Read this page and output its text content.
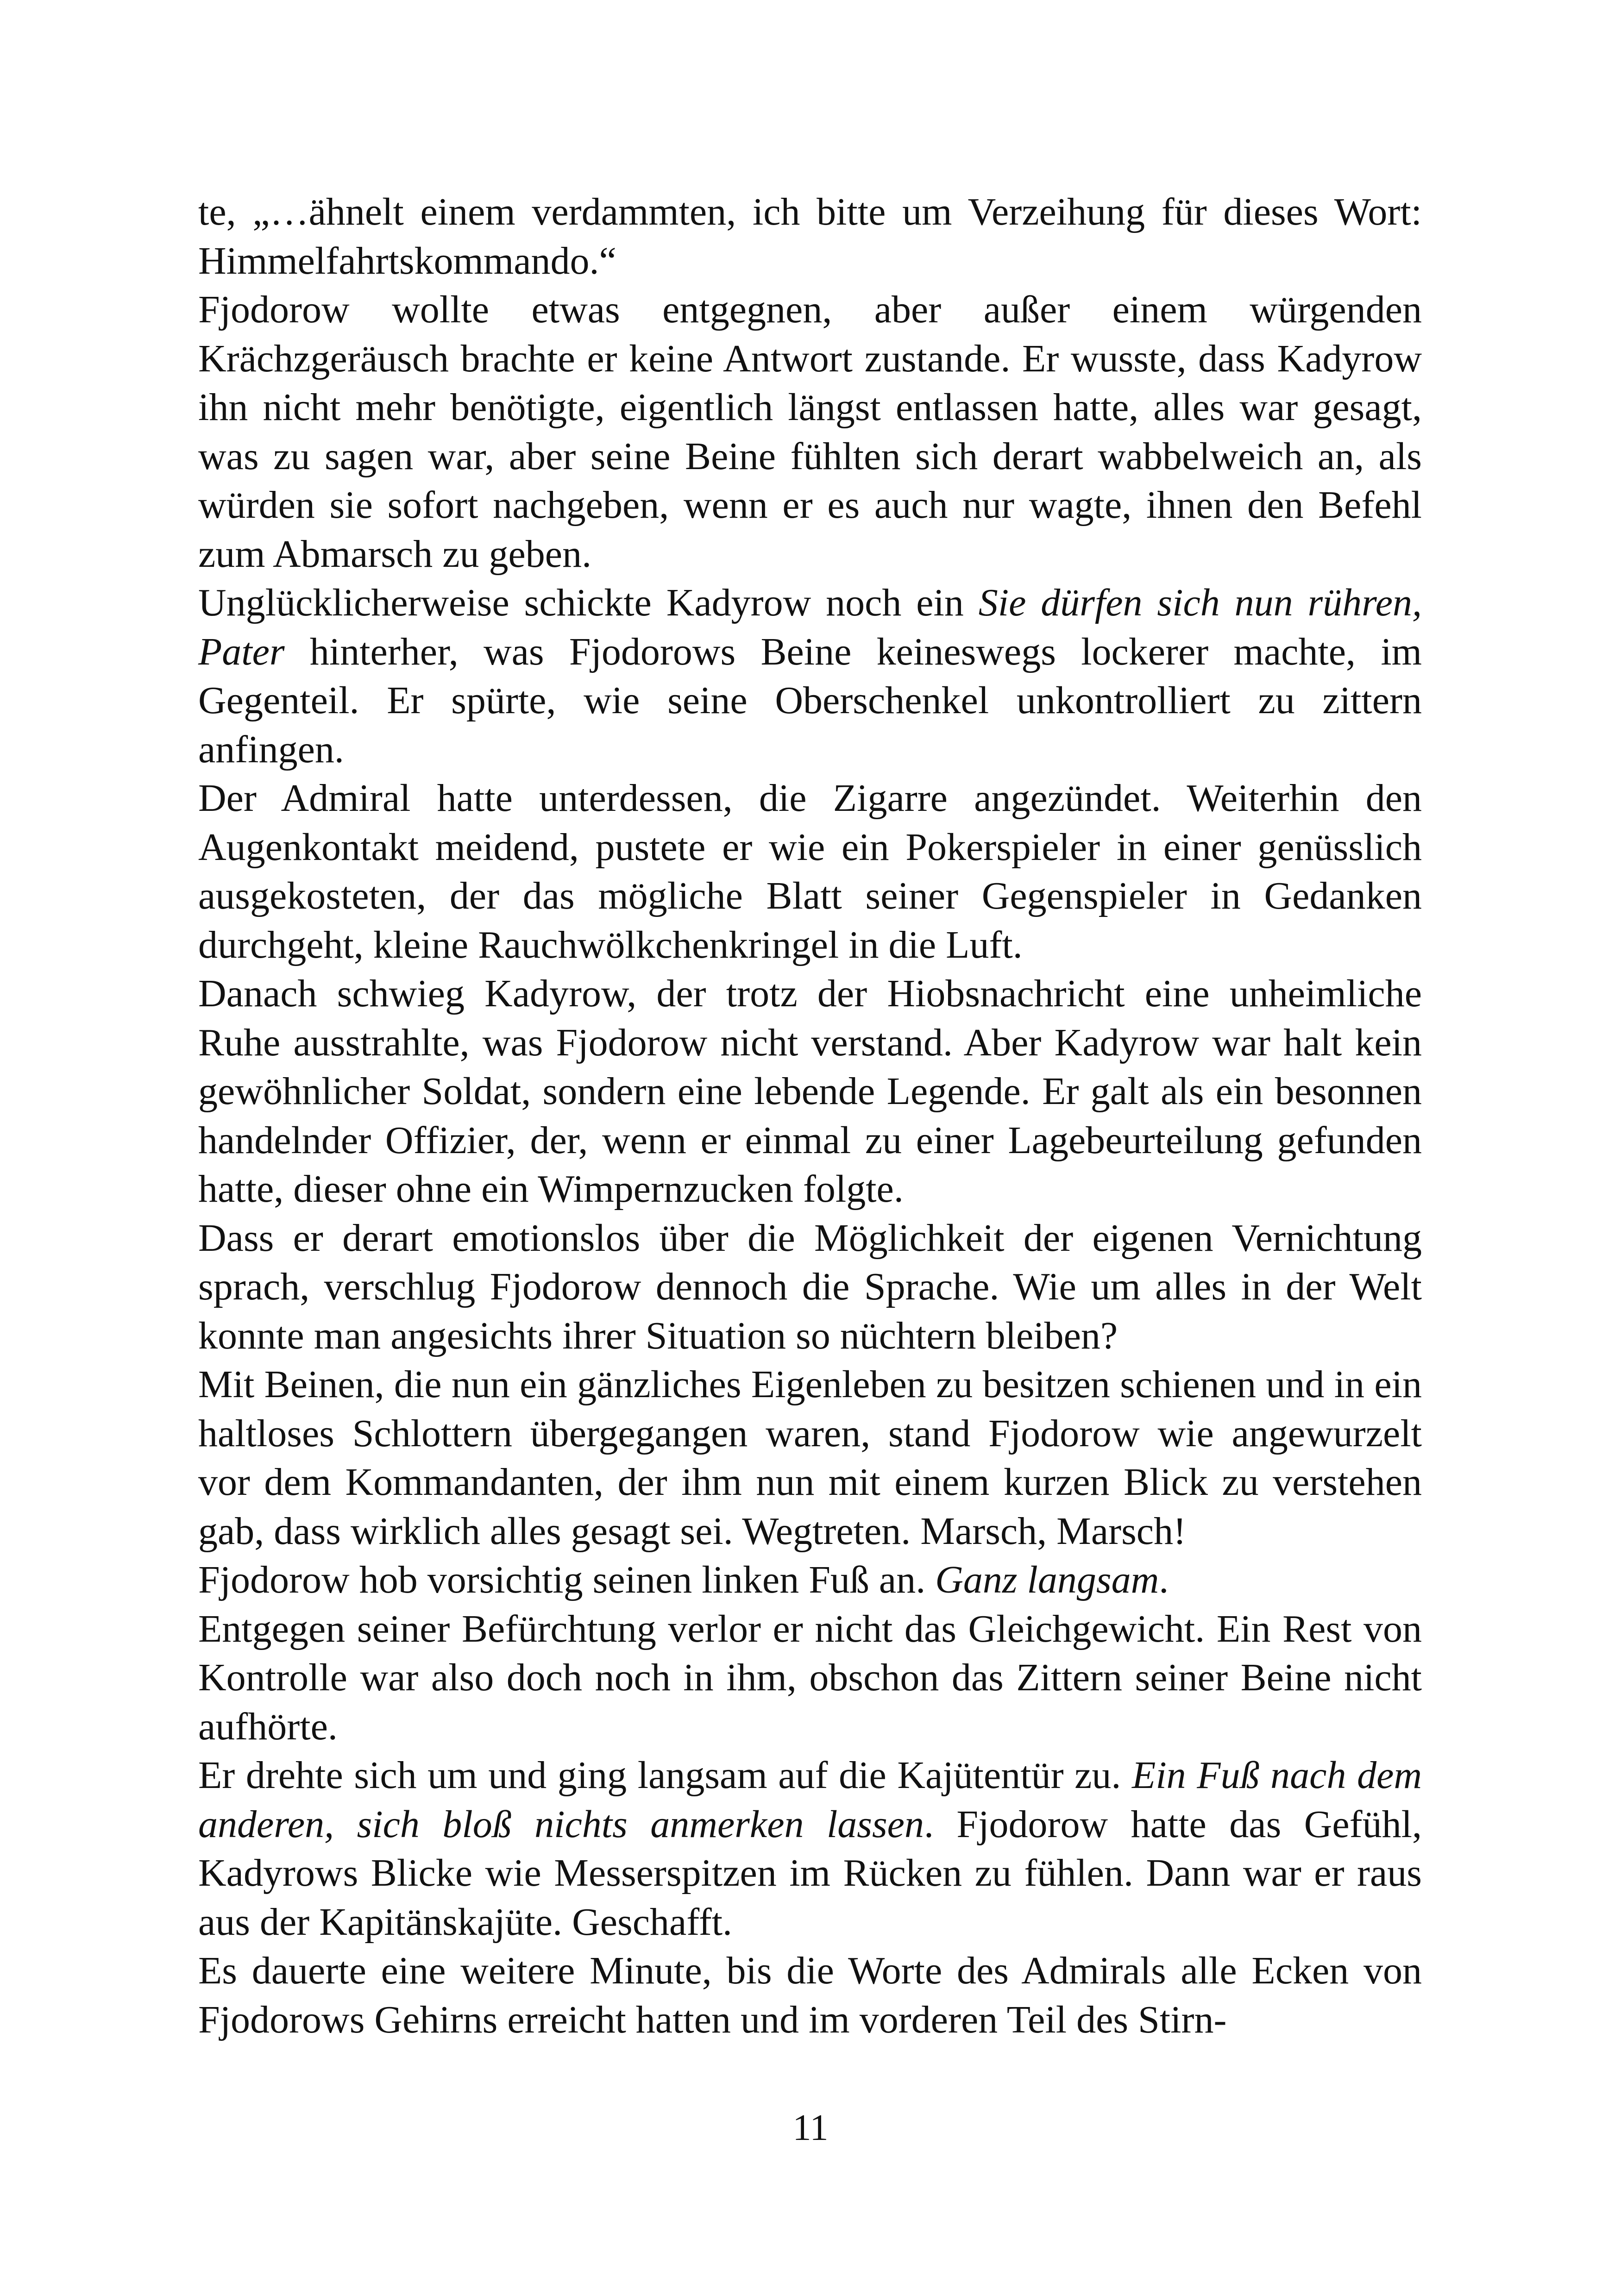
te, „…ähnelt einem verdammten, ich bitte um Verzeihung für dieses Wort: Himmelfahrtskommando.“

Fjodorow wollte etwas entgegnen, aber außer einem würgenden Krächzgeräusch brachte er keine Antwort zustande. Er wusste, dass Kadyrow ihn nicht mehr benötigte, eigentlich längst entlassen hatte, alles war gesagt, was zu sagen war, aber seine Beine fühlten sich derart wabbelweich an, als würden sie sofort nachgeben, wenn er es auch nur wagte, ihnen den Befehl zum Abmarsch zu geben.

Unglücklicherweise schickte Kadyrow noch ein Sie dürfen sich nun rühren, Pater hinterher, was Fjodorows Beine keineswegs lockerer machte, im Gegenteil. Er spürte, wie seine Oberschenkel unkontrolliert zu zittern anfingen.

Der Admiral hatte unterdessen, die Zigarre angezündet. Weiterhin den Augenkontakt meidend, pustete er wie ein Pokerspieler in einer genüsslich ausgekosteten, der das mögliche Blatt seiner Gegenspieler in Gedanken durchgeht, kleine Rauchwölkchenkringel in die Luft.

Danach schwieg Kadyrow, der trotz der Hiobsnachricht eine unheimliche Ruhe ausstrahlte, was Fjodorow nicht verstand. Aber Kadyrow war halt kein gewöhnlicher Soldat, sondern eine lebende Legende. Er galt als ein besonnen handelnder Offizier, der, wenn er einmal zu einer Lagebeurteilung gefunden hatte, dieser ohne ein Wimpernzucken folgte.

Dass er derart emotionslos über die Möglichkeit der eigenen Vernichtung sprach, verschlug Fjodorow dennoch die Sprache. Wie um alles in der Welt konnte man angesichts ihrer Situation so nüchtern bleiben?

Mit Beinen, die nun ein gänzliches Eigenleben zu besitzen schienen und in ein haltloses Schlottern übergegangen waren, stand Fjodorow wie angewurzelt vor dem Kommandanten, der ihm nun mit einem kurzen Blick zu verstehen gab, dass wirklich alles gesagt sei. Wegtreten. Marsch, Marsch!

Fjodorow hob vorsichtig seinen linken Fuß an. Ganz langsam.

Entgegen seiner Befürchtung verlor er nicht das Gleichgewicht. Ein Rest von Kontrolle war also doch noch in ihm, obschon das Zittern seiner Beine nicht aufhörte.

Er drehte sich um und ging langsam auf die Kajütentür zu. Ein Fuß nach dem anderen, sich bloß nichts anmerken lassen. Fjodorow hatte das Gefühl, Kadyrows Blicke wie Messerspitzen im Rücken zu fühlen. Dann war er raus aus der Kapitänskajüte. Geschafft.

Es dauerte eine weitere Minute, bis die Worte des Admirals alle Ecken von Fjodorows Gehirns erreicht hatten und im vorderen Teil des Stirn-

11
